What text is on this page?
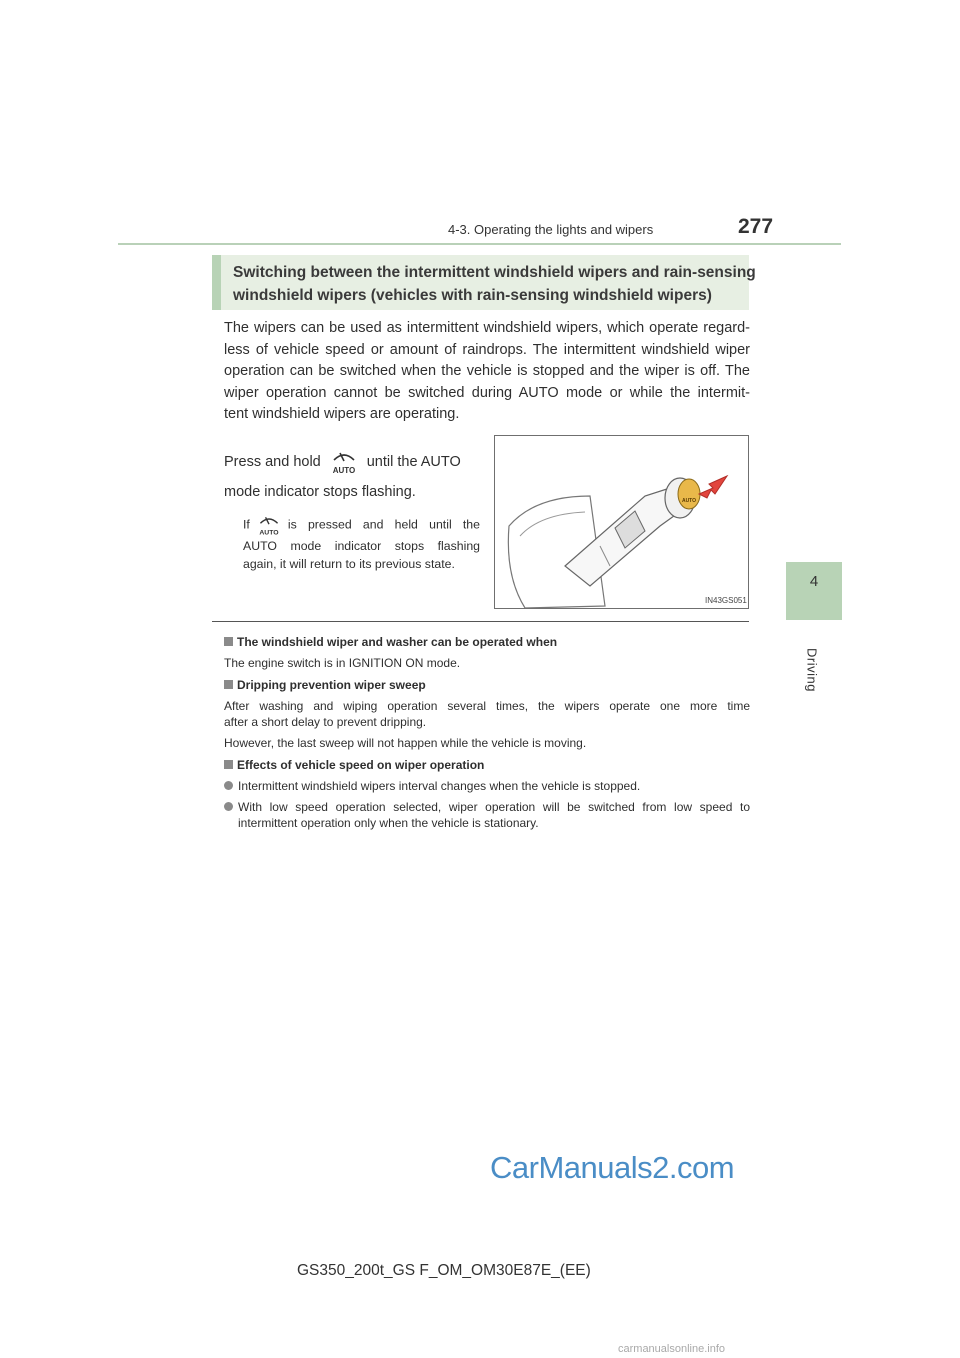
4-3. Operating the lights and wipers	277
4
Driving
Switching between the intermittent windshield wipers and rain-sensing
windshield wipers (vehicles with rain-sensing windshield wipers)
The wipers can be used as intermittent windshield wipers, which operate regard-
less of vehicle speed or amount of raindrops. The intermittent windshield wiper
operation can be switched when the vehicle is stopped and the wiper is off. The
wiper operation cannot be switched during AUTO mode or while the intermit-
tent windshield wipers are operating.
Press and hold
AUTO
until the AUTO
mode indicator stops flashing.
If
AUTO
is pressed and held until the
AUTO mode indicator stops flashing
again, it will return to its previous state.
AUTO
IN43GS051
The windshield wiper and washer can be operated when
The engine switch is in IGNITION ON mode.
Dripping prevention wiper sweep
After washing and wiping operation several times, the wipers operate one more time
after a short delay to prevent dripping.
However, the last sweep will not happen while the vehicle is moving.
Effects of vehicle speed on wiper operation
Intermittent windshield wipers interval changes when the vehicle is stopped.
With low speed operation selected, wiper operation will be switched from low speed to
intermittent operation only when the vehicle is stationary.
GS350_200t_GS F_OM_OM30E87E_(EE)
CarManuals2.com
carmanualsonline.info
